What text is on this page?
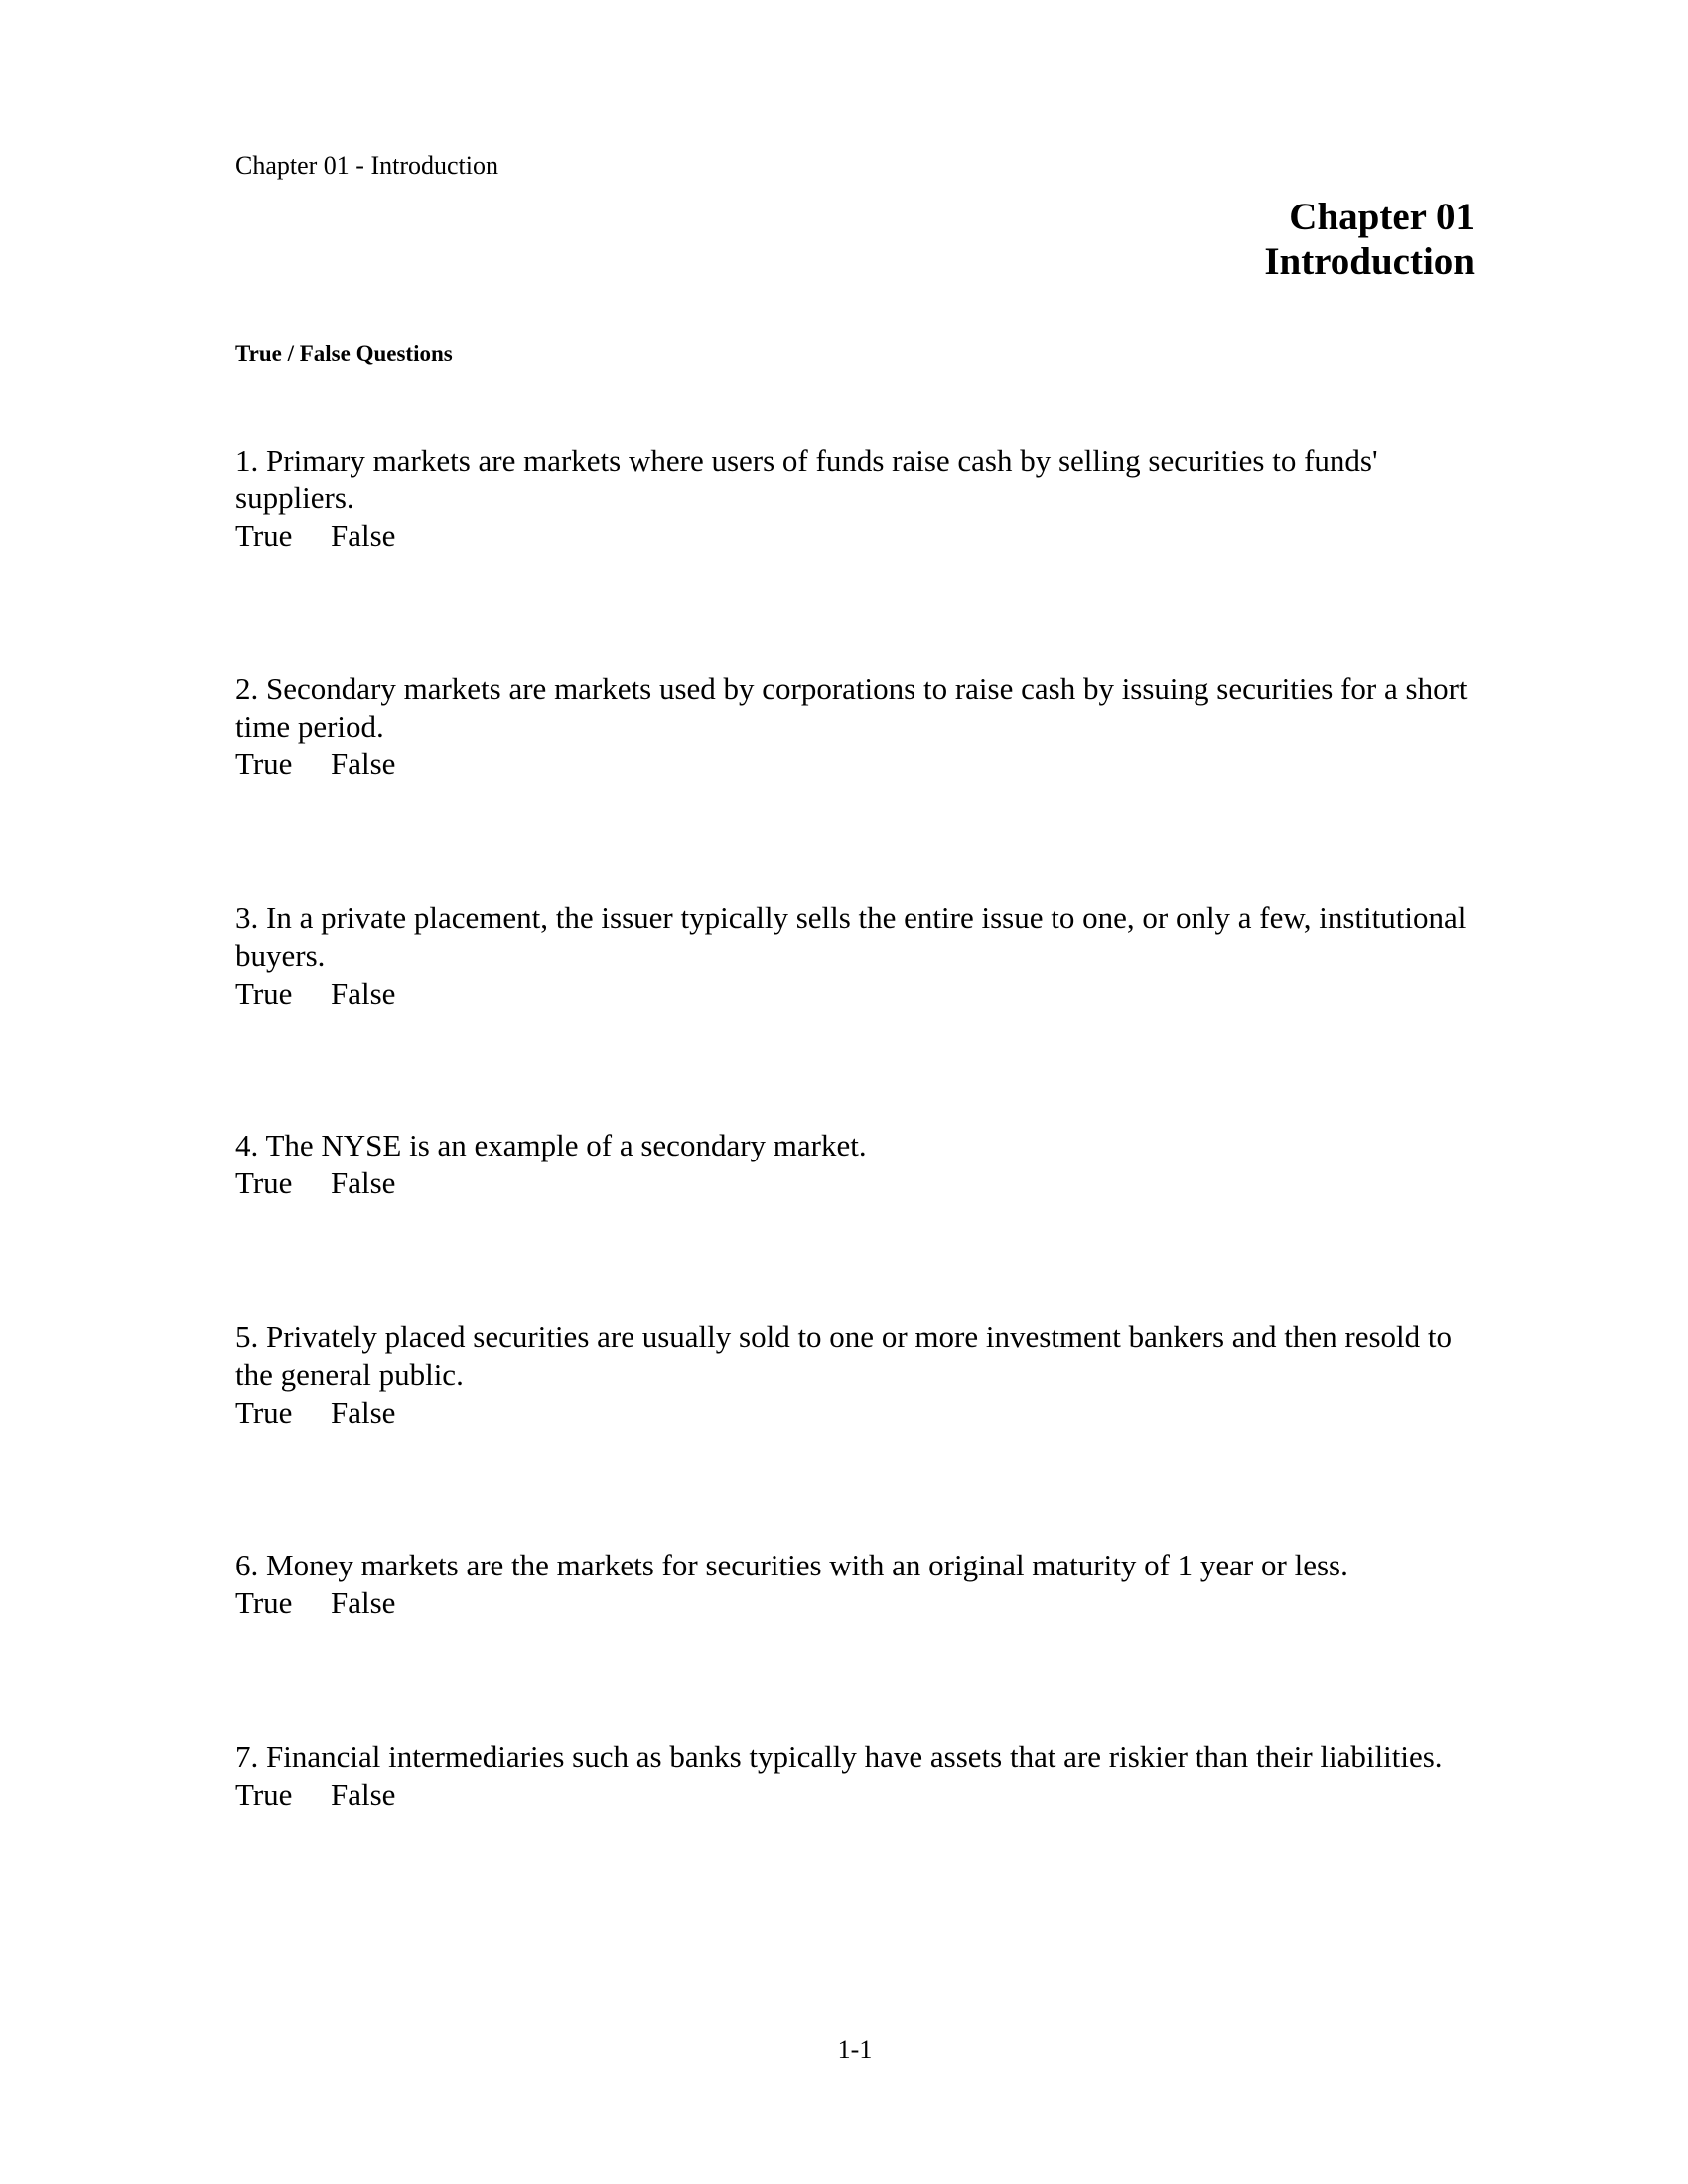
Chapter 01 - Introduction
Chapter 01
Introduction
True / False Questions
1. Primary markets are markets where users of funds raise cash by selling securities to funds' suppliers.
True False
2. Secondary markets are markets used by corporations to raise cash by issuing securities for a short time period.
True False
3. In a private placement, the issuer typically sells the entire issue to one, or only a few, institutional buyers.
True False
4. The NYSE is an example of a secondary market.
True False
5. Privately placed securities are usually sold to one or more investment bankers and then resold to the general public.
True False
6. Money markets are the markets for securities with an original maturity of 1 year or less.
True False
7. Financial intermediaries such as banks typically have assets that are riskier than their liabilities.
True False
1-1
